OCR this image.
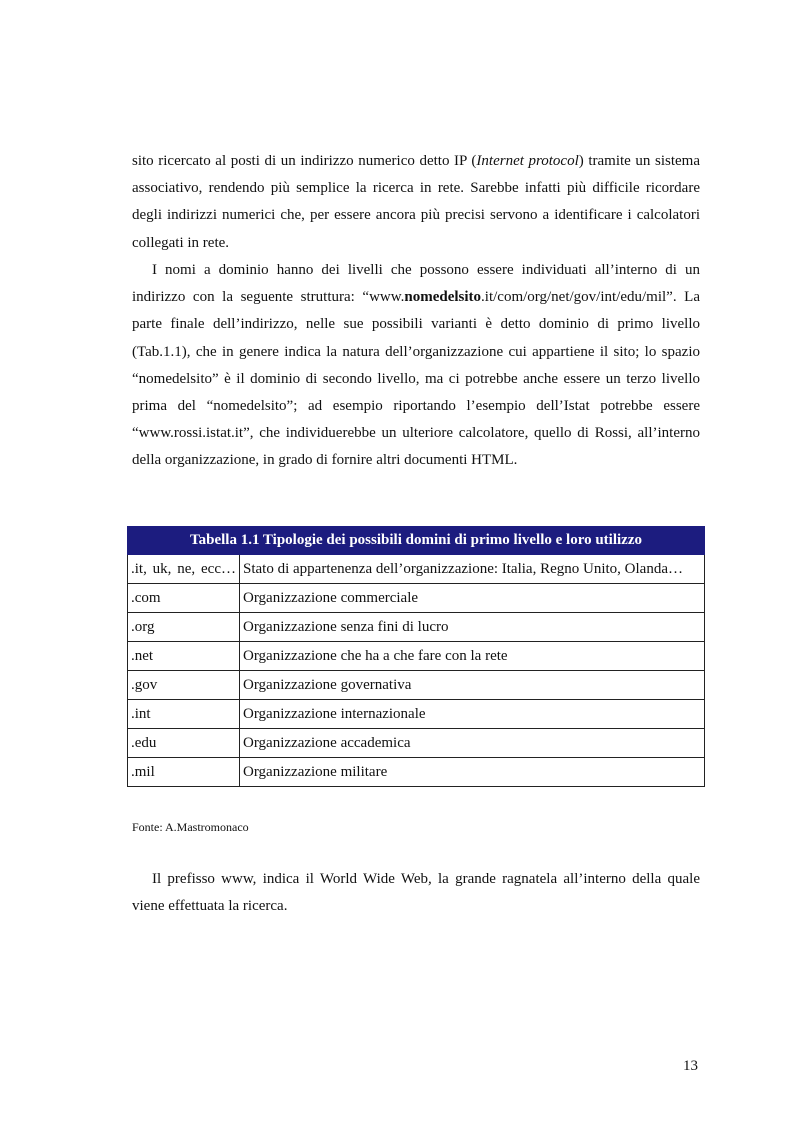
sito ricercato al posti di un indirizzo numerico detto IP (Internet protocol) tramite un sistema associativo, rendendo più semplice la ricerca in rete. Sarebbe infatti più difficile ricordare degli indirizzi numerici che, per essere ancora più precisi servono a identificare i calcolatori collegati in rete.

I nomi a dominio hanno dei livelli che possono essere individuati all’interno di un indirizzo con la seguente struttura: “www.nomedelsito.it/com/org/net/gov/int/edu/mil”. La parte finale dell’indirizzo, nelle sue possibili varianti è detto dominio di primo livello (Tab.1.1), che in genere indica la natura dell’organizzazione cui appartiene il sito; lo spazio “nomedelsito” è il dominio di secondo livello, ma ci potrebbe anche essere un terzo livello prima del “nomedelsito”; ad esempio riportando l’esempio dell’Istat potrebbe essere “www.rossi.istat.it”, che individuerebbe un ulteriore calcolatore, quello di Rossi, all’interno della organizzazione, in grado di fornire altri documenti HTML.

Tabella 1.1 Tipologie dei possibili domini di primo livello e loro utilizzo	
.it, uk, ne, ecc…	Stato di appartenenza dell’organizzazione: Italia, Regno Unito, Olanda…
.com	Organizzazione commerciale
.org	Organizzazione senza fini di lucro
.net	Organizzazione che ha a che fare con la rete
.gov	Organizzazione governativa
.int	Organizzazione internazionale
.edu	Organizzazione accademica
.mil	Organizzazione militare
Fonte: A.Mastromonaco

Il prefisso www, indica il World Wide Web, la grande ragnatela all’interno della quale viene effettuata la ricerca.

13
